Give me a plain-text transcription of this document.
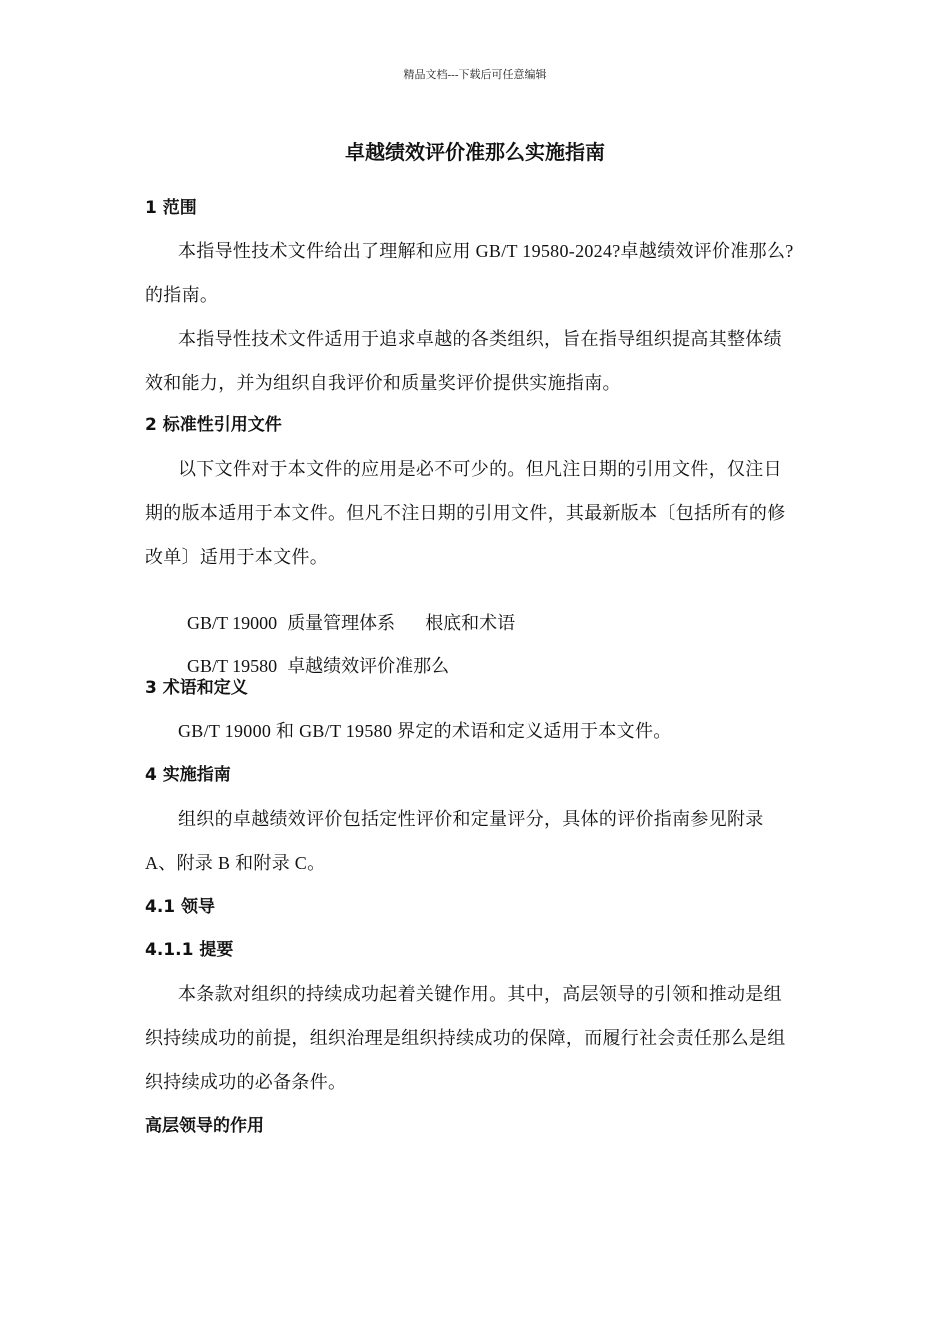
精品文档---下载后可任意编辑
卓越绩效评价准那么实施指南
1 范围
本指导性技术文件给出了理解和应用 GB/T 19580-2024?卓越绩效评价准那么?的指南。
本指导性技术文件适用于追求卓越的各类组织，旨在指导组织提高其整体绩效和能力，并为组织自我评价和质量奖评价提供实施指南。
2 标准性引用文件
以下文件对于本文件的应用是必不可少的。但凡注日期的引用文件，仅注日期的版本适用于本文件。但凡不注日期的引用文件，其最新版本〔包括所有的修改单〕适用于本文件。

GB/T 19000 质量管理体系 根底和术语

GB/T 19580 卓越绩效评价准那么

3 术语和定义
GB/T 19000 和 GB/T 19580 界定的术语和定义适用于本文件。
4 实施指南
组织的卓越绩效评价包括定性评价和定量评分，具体的评价指南参见附录 A、附录 B 和附录 C。
4.1 领导
4.1.1 提要
本条款对组织的持续成功起着关键作用。其中，高层领导的引领和推动是组织持续成功的前提，组织治理是组织持续成功的保障，而履行社会责任那么是组织持续成功的必备条件。
高层领导的作用
